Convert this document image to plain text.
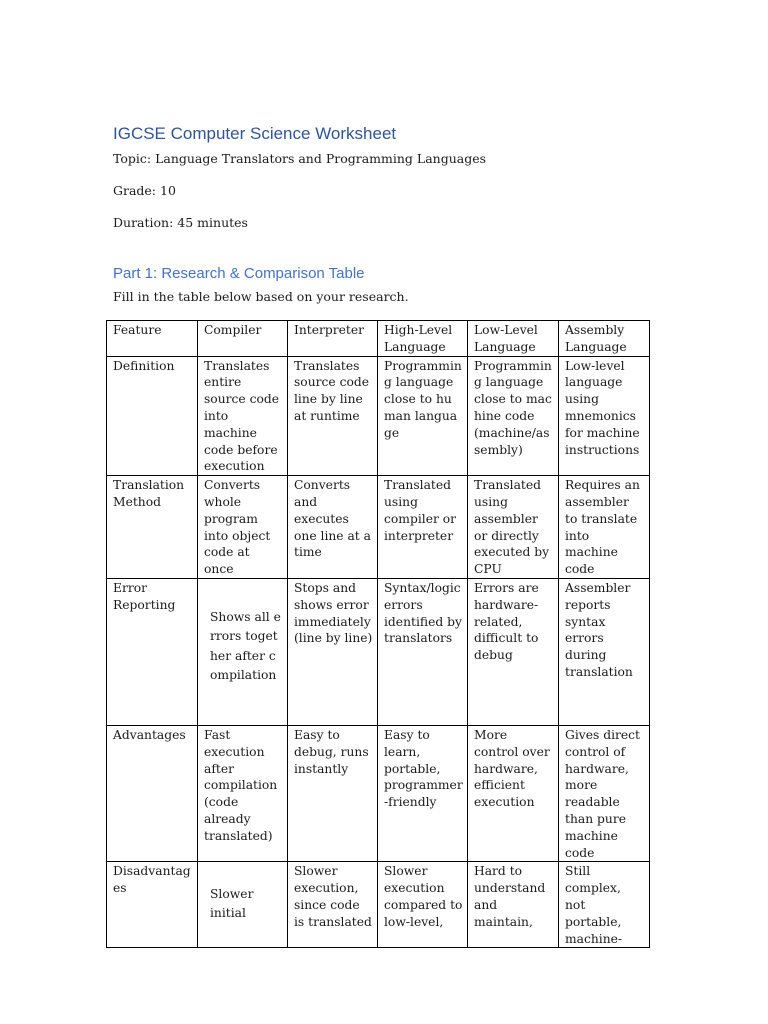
IGCSE Computer Science Worksheet

Topic: Language Translators and Programming Languages

Grade: 10

Duration: 45 minutes

Part 1: Research & Comparison Table

Fill in the table below based on your research.

Feature	Compiler	Interpreter	High-Level Language	Low-Level Language	Assembly Language

Definition	Translates entire source code into machine code before execution	Translates source code line by line at runtime	Programming language close to human language	Programming language close to machine code (machine/assembly)	Low-level language using mnemonics for machine instructions

Translation Method	Converts whole program into object code at once	Converts and executes one line at a time	Translated using compiler or interpreter	Translated using assembler or directly executed by CPU	Requires an assembler to translate into machine code

Error Reporting	Shows all errors together after compilation	Stops and shows error immediately (line by line)	Syntax/logic errors identified by translators	Errors are hardware-related, difficult to debug	Assembler reports syntax errors during translation

Advantages	Fast execution after compilation (code already translated)	Easy to debug, runs instantly	Easy to learn, portable, programmer-friendly	More control over hardware, efficient execution	Gives direct control of hardware, more readable than pure machine code

Disadvantages	Slower initial	Slower execution, since code is translated	Slower execution compared to low-level,	Hard to understand and maintain,	Still complex, not portable, machine-
